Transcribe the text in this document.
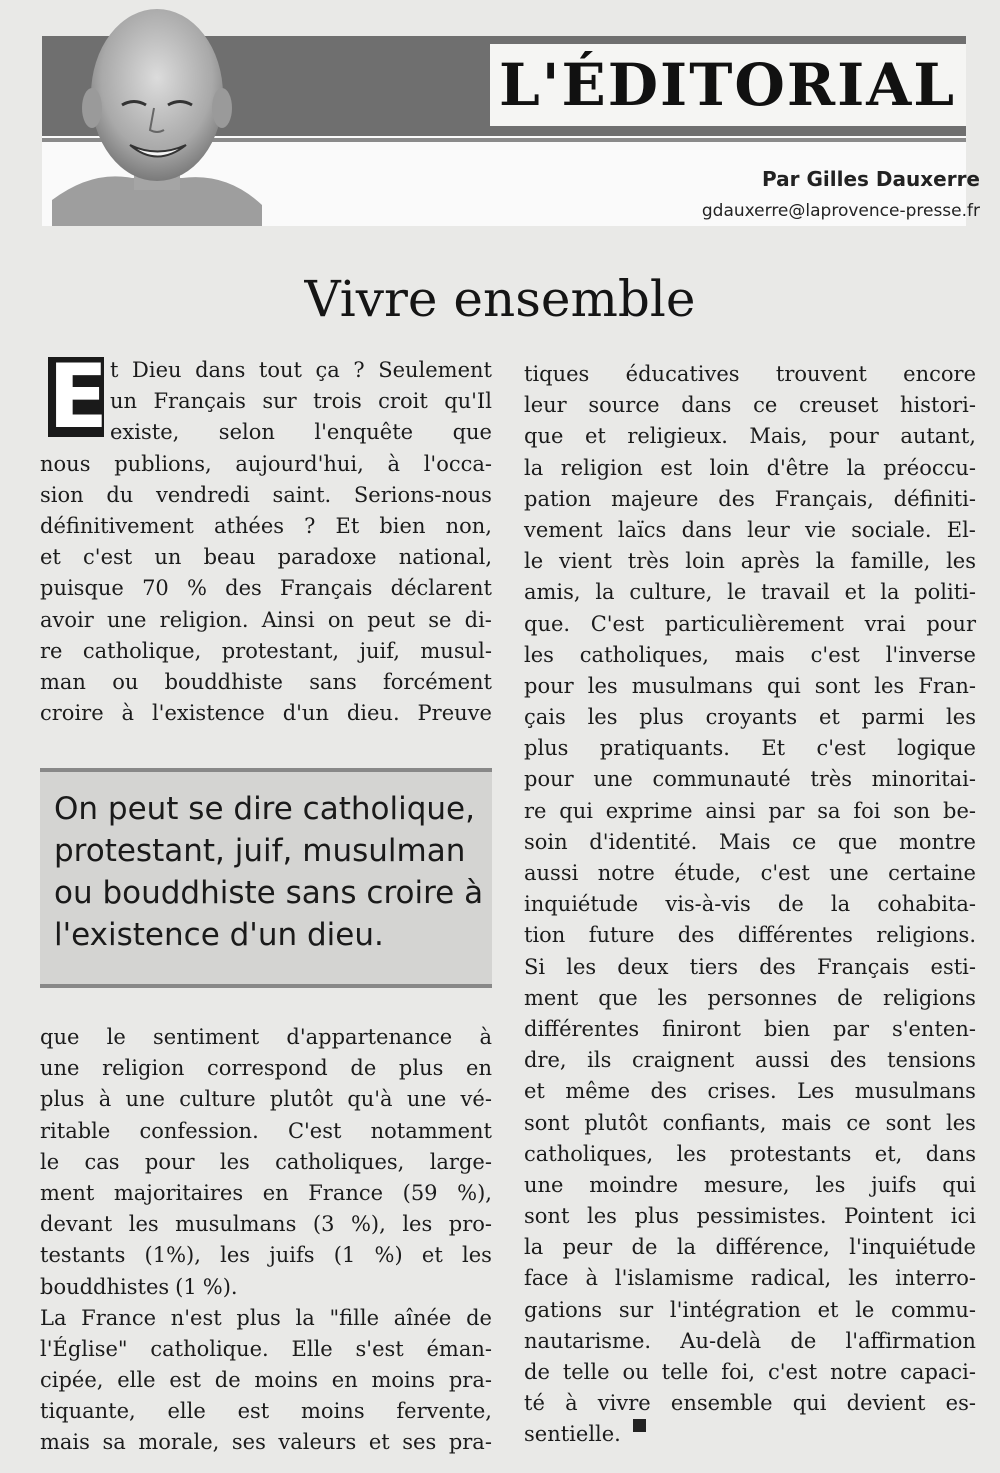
L'ÉDITORIAL
Par Gilles Dauxerre
gdauxerre@laprovence-presse.fr
Vivre ensemble
E t Dieu dans tout ça ? Seulement
un Français sur trois croit qu'Il
existe, selon l'enquête que
nous publions, aujourd'hui, à l'occa-
sion du vendredi saint. Serions-nous
définitivement athées ? Et bien non,
et c'est un beau paradoxe national,
puisque 70 % des Français déclarent
avoir une religion. Ainsi on peut se di-
re catholique, protestant, juif, musul-
man ou bouddhiste sans forcément
croire à l'existence d'un dieu. Preuve
On peut se dire catholique, protestant, juif, musulman ou bouddhiste sans croire à l'existence d'un dieu.
que le sentiment d'appartenance à
une religion correspond de plus en
plus à une culture plutôt qu'à une vé-
ritable confession. C'est notamment
le cas pour les catholiques, large-
ment majoritaires en France (59 %),
devant les musulmans (3 %), les pro-
testants (1%), les juifs (1 %) et les
bouddhistes (1 %).
La France n'est plus la "fille aînée de
l'Église" catholique. Elle s'est éman-
cipée, elle est de moins en moins pra-
tiquante, elle est moins fervente,
mais sa morale, ses valeurs et ses pra-
tiques éducatives trouvent encore
leur source dans ce creuset histori-
que et religieux. Mais, pour autant,
la religion est loin d'être la préoccu-
pation majeure des Français, définiti-
vement laïcs dans leur vie sociale. El-
le vient très loin après la famille, les
amis, la culture, le travail et la politi-
que. C'est particulièrement vrai pour
les catholiques, mais c'est l'inverse
pour les musulmans qui sont les Fran-
çais les plus croyants et parmi les
plus pratiquants. Et c'est logique
pour une communauté très minoritai-
re qui exprime ainsi par sa foi son be-
soin d'identité. Mais ce que montre
aussi notre étude, c'est une certaine
inquiétude vis-à-vis de la cohabita-
tion future des différentes religions.
Si les deux tiers des Français esti-
ment que les personnes de religions
différentes finiront bien par s'enten-
dre, ils craignent aussi des tensions
et même des crises. Les musulmans
sont plutôt confiants, mais ce sont les
catholiques, les protestants et, dans
une moindre mesure, les juifs qui
sont les plus pessimistes. Pointent ici
la peur de la différence, l'inquiétude
face à l'islamisme radical, les interro-
gations sur l'intégration et le commu-
nautarisme. Au-delà de l'affirmation
de telle ou telle foi, c'est notre capaci-
té à vivre ensemble qui devient es-
sentielle.
